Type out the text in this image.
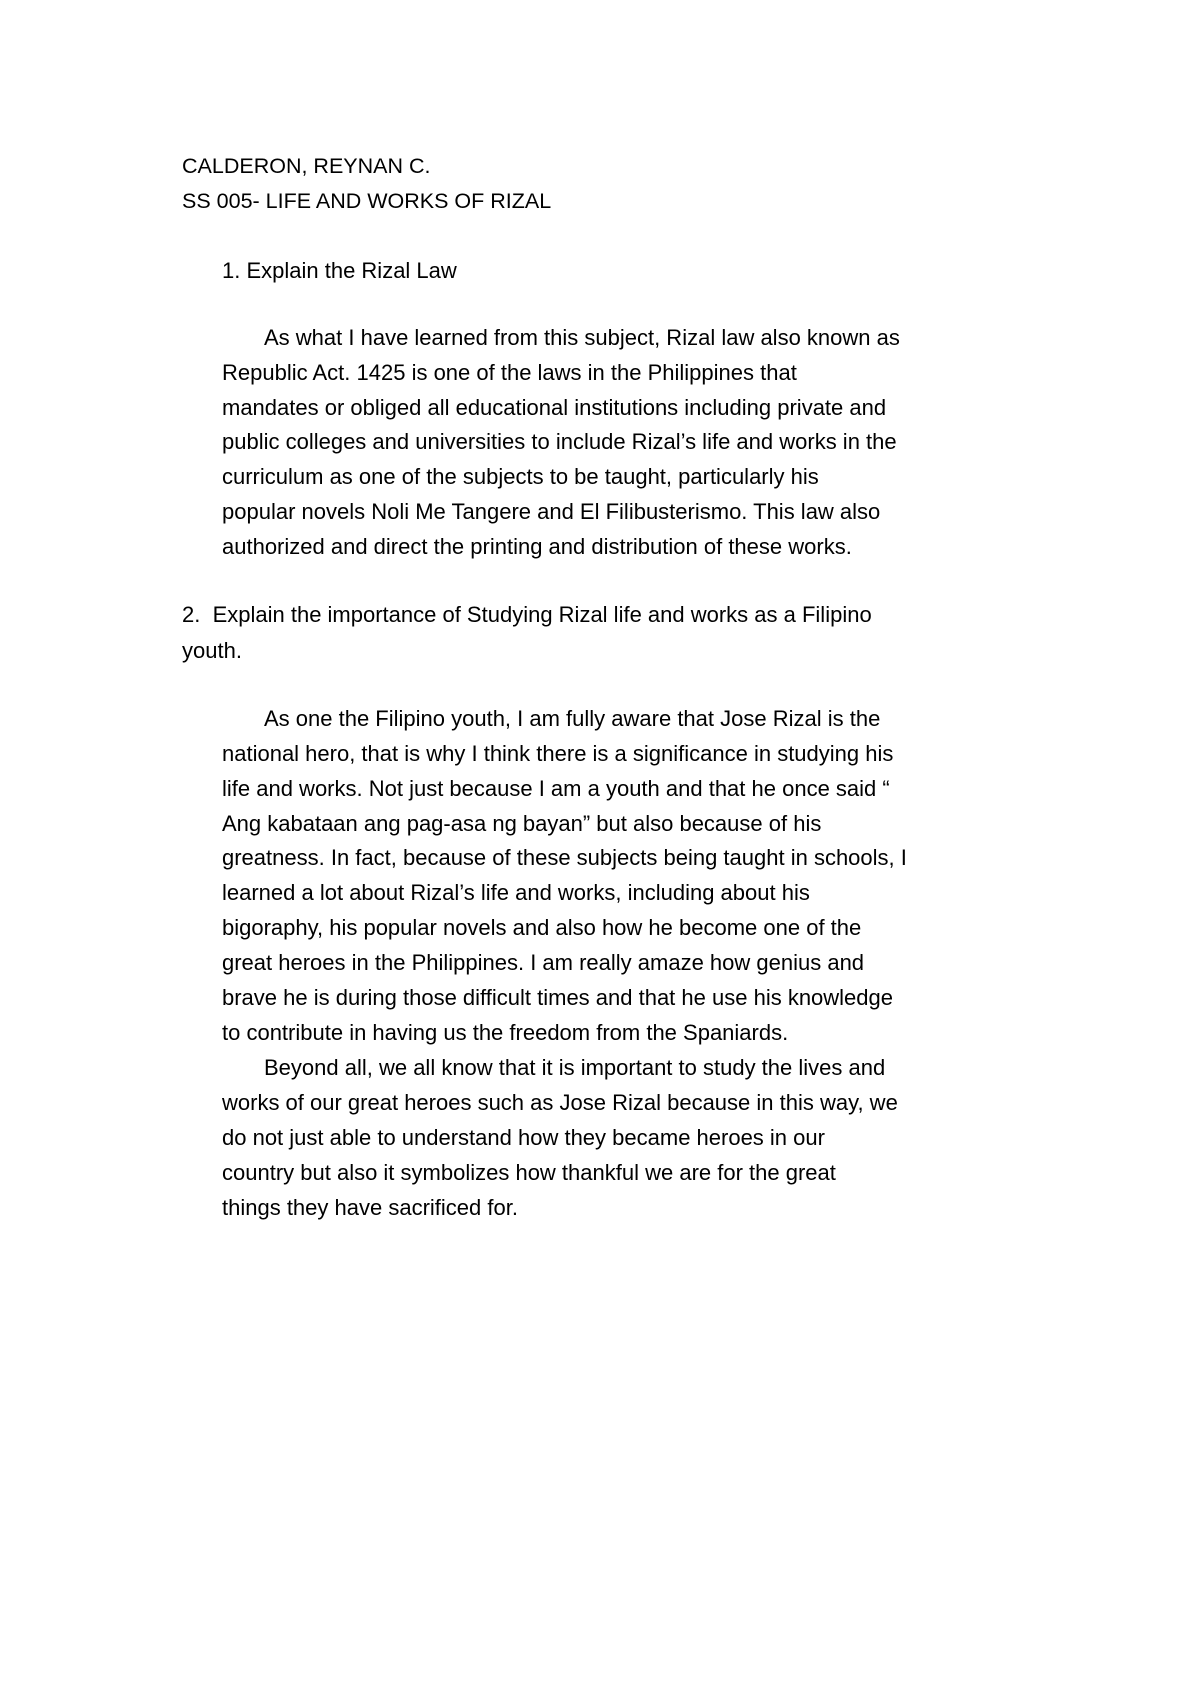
CALDERON, REYNAN C.
SS 005- LIFE AND WORKS OF RIZAL
1. Explain the Rizal Law
As what I have learned from this subject, Rizal law also known as
Republic Act. 1425 is one of the laws in the Philippines that
mandates or obliged all educational institutions including private and
public colleges and universities to include Rizal’s life and works in the
curriculum as one of the subjects to be taught, particularly his
popular novels Noli Me Tangere and El Filibusterismo. This law also
authorized and direct the printing and distribution of these works.
2.  Explain the importance of Studying Rizal life and works as a Filipino
youth.
As one the Filipino youth, I am fully aware that Jose Rizal is the
national hero, that is why I think there is a significance in studying his
life and works. Not just because I am a youth and that he once said “
Ang kabataan ang pag-asa ng bayan” but also because of his
greatness. In fact, because of these subjects being taught in schools, I
learned a lot about Rizal’s life and works, including about his
bigoraphy, his popular novels and also how he become one of the
great heroes in the Philippines. I am really amaze how genius and
brave he is during those difficult times and that he use his knowledge
to contribute in having us the freedom from the Spaniards.
Beyond all, we all know that it is important to study the lives and
works of our great heroes such as Jose Rizal because in this way, we
do not just able to understand how they became heroes in our
country but also it symbolizes how thankful we are for the great
things they have sacrificed for.
